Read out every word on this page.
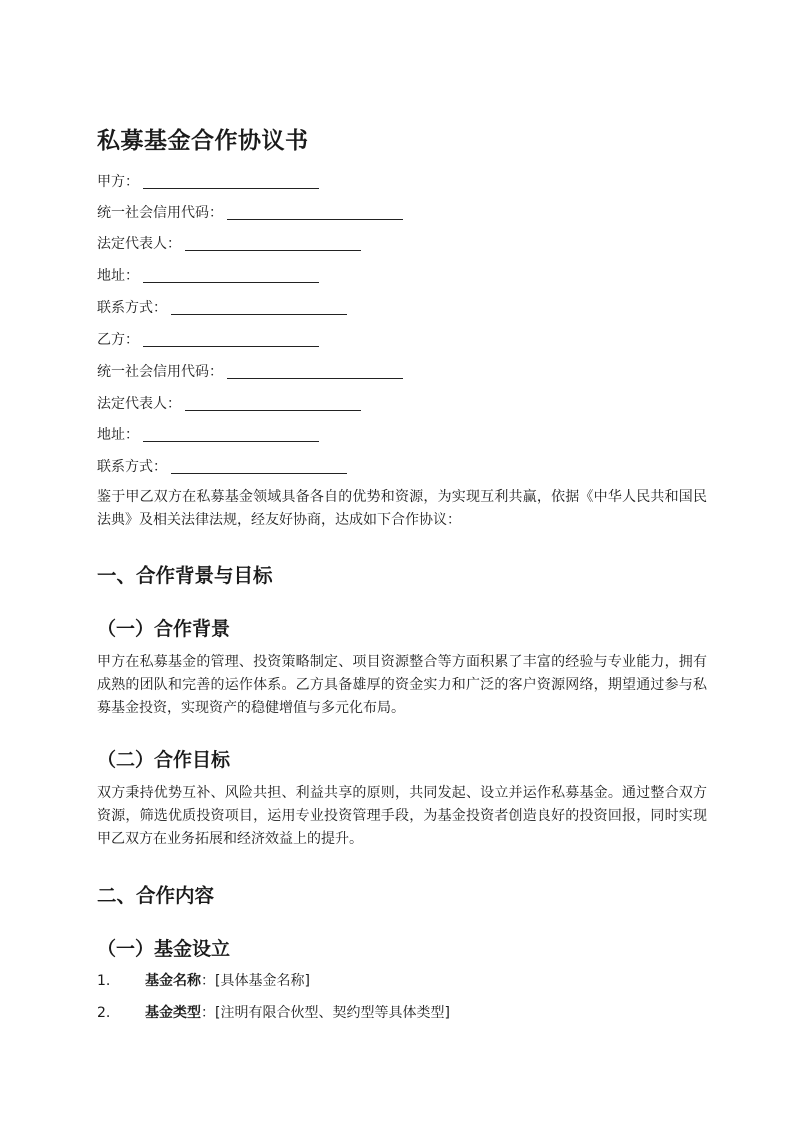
私募基金合作协议书
甲方：
统一社会信用代码：
法定代表人：
地址：
联系方式：
乙方：
统一社会信用代码：
法定代表人：
地址：
联系方式：
鉴于甲乙双方在私募基金领域具备各自的优势和资源，为实现互利共赢，依据《中华人民共和国民法典》及相关法律法规，经友好协商，达成如下合作协议：
一、合作背景与目标
（一）合作背景
甲方在私募基金的管理、投资策略制定、项目资源整合等方面积累了丰富的经验与专业能力，拥有成熟的团队和完善的运作体系。乙方具备雄厚的资金实力和广泛的客户资源网络，期望通过参与私募基金投资，实现资产的稳健增值与多元化布局。
（二）合作目标
双方秉持优势互补、风险共担、利益共享的原则，共同发起、设立并运作私募基金。通过整合双方资源，筛选优质投资项目，运用专业投资管理手段，为基金投资者创造良好的投资回报，同时实现甲乙双方在业务拓展和经济效益上的提升。
二、合作内容
（一）基金设立
1. 基金名称：[具体基金名称]
2. 基金类型：[注明有限合伙型、契约型等具体类型]
